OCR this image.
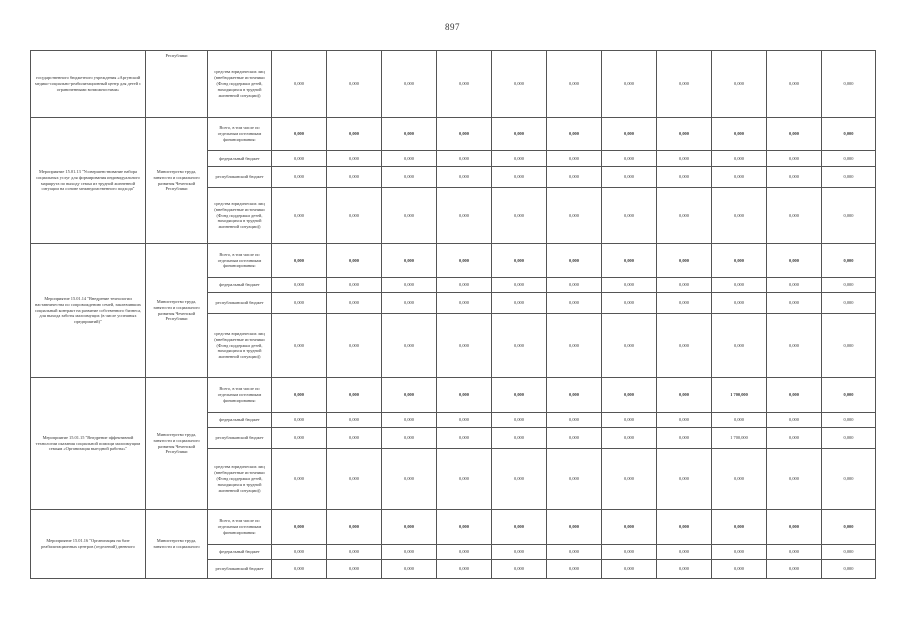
897
государственного бюджетного учреждения «Аргунский медико-социально-реабилитационный центр для детей с ограниченными возможностями»	Республики	средства юридических лиц (внебюджетные источники (Фонд поддержки детей, находящихся в трудной жизненной ситуации))	0,000	0,000	0,000	0,000	0,000	0,000	0,000	0,000	0,000	0,000	0,000
Мероприятие 15.01.13 "Усовершенствование набора социальных услуг для формирования индивидуального маршрута по выходу семьи из трудной жизненной ситуации на основе межведомственного подхода"	Министерство труда, занятости и социального развития Чеченской Республики	Всего, в том числе по отдельным источникам финансирования:	0,000	0,000	0,000	0,000	0,000	0,000	0,000	0,000	0,000	0,000	0,000
		федеральный бюджет	0,000	0,000	0,000	0,000	0,000	0,000	0,000	0,000	0,000	0,000	0,000
		республиканский бюджет	0,000	0,000	0,000	0,000	0,000	0,000	0,000	0,000	0,000	0,000	0,000
		средства юридических лиц (внебюджетные источники (Фонд поддержки детей, находящихся в трудной жизненной ситуации))	0,000	0,000	0,000	0,000	0,000	0,000	0,000	0,000	0,000	0,000	0,000
Мероприятие 15.01.14 "Внедрение технологии наставничества по сопровождению семей, заключивших социальный контракт на развитие собственного бизнеса, для выхода заботы малоимущих (в числе успешных предприятий)"	Министерство труда, занятости и социального развития Чеченской Республики	Всего, в том числе по отдельным источникам финансирования:	0,000	0,000	0,000	0,000	0,000	0,000	0,000	0,000	0,000	0,000	0,000
		федеральный бюджет	0,000	0,000	0,000	0,000	0,000	0,000	0,000	0,000	0,000	0,000	0,000
		республиканский бюджет	0,000	0,000	0,000	0,000	0,000	0,000	0,000	0,000	0,000	0,000	0,000
		средства юридических лиц (внебюджетные источники (Фонд поддержки детей, находящихся в трудной жизненной ситуации))	0,000	0,000	0,000	0,000	0,000	0,000	0,000	0,000	0,000	0,000	0,000
Мероприятие 15.01.15 "Внедрение эффективной технологии оказания социальной помощи малоимущим семьям «Организация выездной работы»"	Министерство труда, занятости и социального развития Чеченской Республики	Всего, в том числе по отдельным источникам финансирования:	0,000	0,000	0,000	0,000	0,000	0,000	0,000	0,000	1 700,000	0,000	0,000
		федеральный бюджет	0,000	0,000	0,000	0,000	0,000	0,000	0,000	0,000	0,000	0,000	0,000
		республиканский бюджет	0,000	0,000	0,000	0,000	0,000	0,000	0,000	0,000	1 700,000	0,000	0,000
		средства юридических лиц (внебюджетные источники (Фонд поддержки детей, находящихся в трудной жизненной ситуации))	0,000	0,000	0,000	0,000	0,000	0,000	0,000	0,000	0,000	0,000	0,000
Мероприятие 15.01.16 "Организация на базе реабилитационных центров (отделений) дневного	Министерство труда, занятости и социального	Всего, в том числе по отдельным источникам финансирования:	0,000	0,000	0,000	0,000	0,000	0,000	0,000	0,000	0,000	0,000	0,000
		федеральный бюджет	0,000	0,000	0,000	0,000	0,000	0,000	0,000	0,000	0,000	0,000	0,000
		республиканский бюджет	0,000	0,000	0,000	0,000	0,000	0,000	0,000	0,000	0,000	0,000	0,000
